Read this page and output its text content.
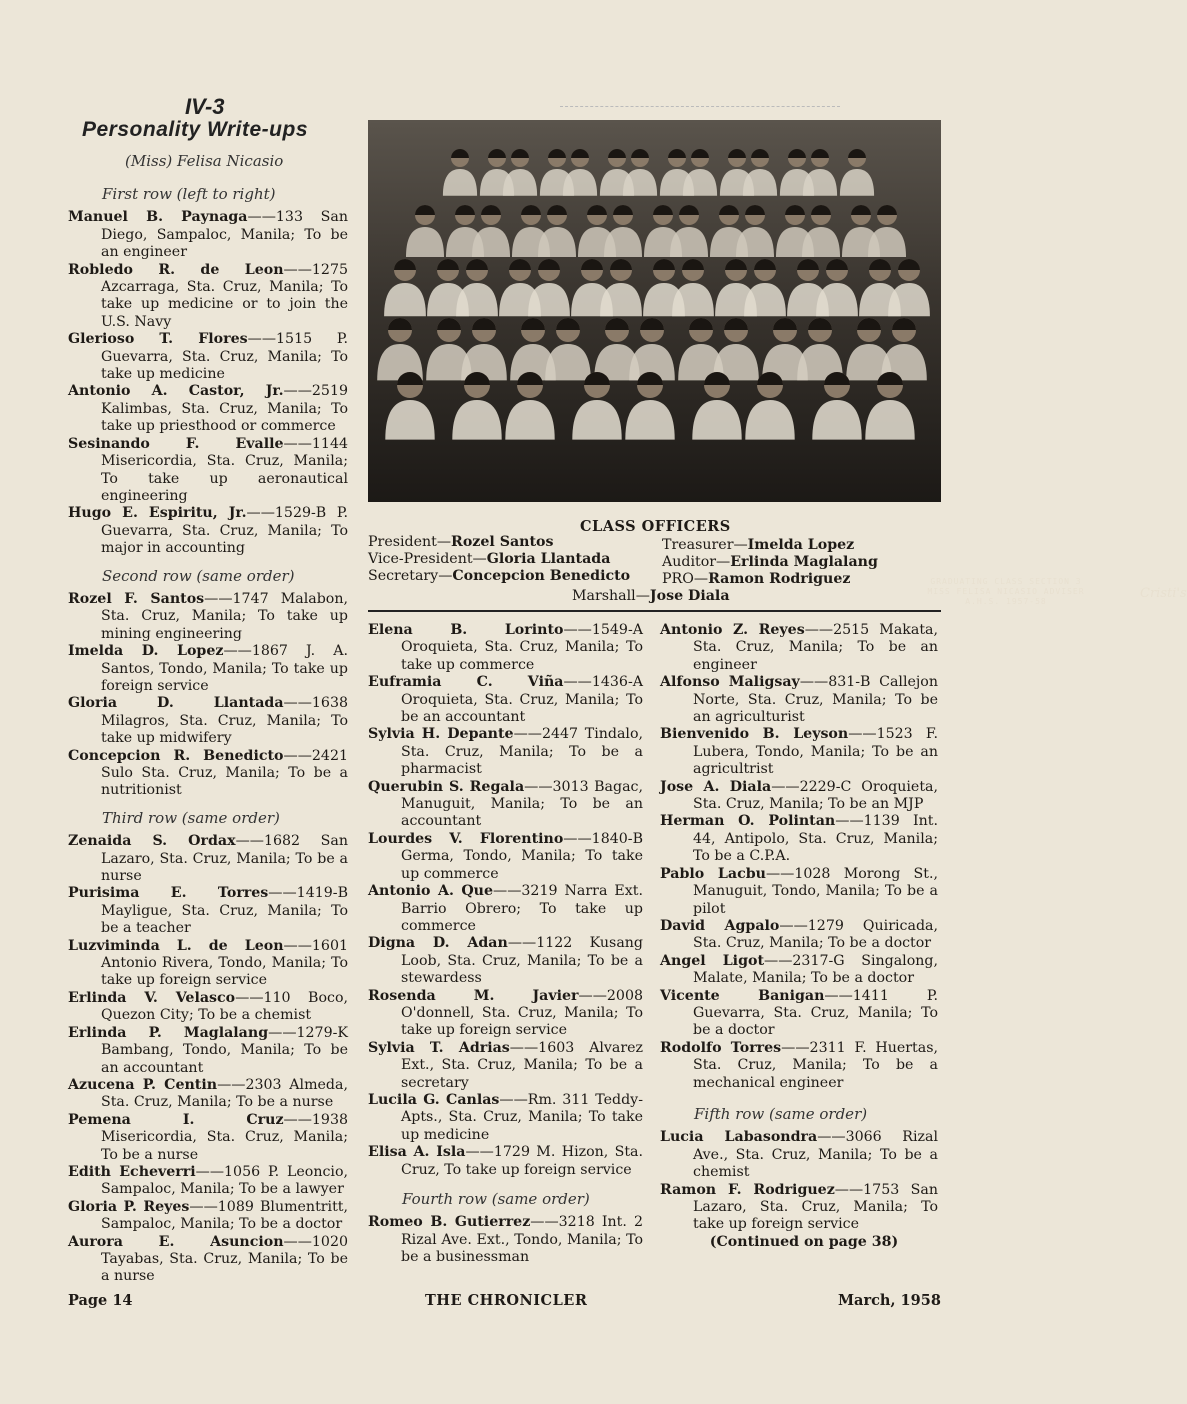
IV-3
Personality Write-ups
(Miss) Felisa Nicasio
GRADUATING CLASS SECTION 3
MISS FELISA NICASIO ADVISER
A.H.S. 1957-58
Cristi's
CLASS OFFICERS
President—Rozel Santos
Vice-President—Gloria Llantada
Secretary—Concepcion Benedicto
Treasurer—Imelda Lopez
Auditor—Erlinda Maglalang
PRO—Ramon Rodriguez
Marshall—Jose Diala
First row (left to right)
Manuel B. Paynaga——133 San Diego, Sampaloc, Manila; To be an engineer
Robledo R. de Leon——1275 Azcarraga, Sta. Cruz, Manila; To take up medicine or to join the U.S. Navy
Glerioso T. Flores——1515 P. Guevarra, Sta. Cruz, Manila; To take up medicine
Antonio A. Castor, Jr.——2519 Kalimbas, Sta. Cruz, Manila; To take up priesthood or commerce
Sesinando F. Evalle——1144 Misericordia, Sta. Cruz, Manila; To take up aeronautical engineering
Hugo E. Espiritu, Jr.——1529-B P. Guevarra, Sta. Cruz, Manila; To major in accounting
Second row (same order)
Rozel F. Santos——1747 Malabon, Sta. Cruz, Manila; To take up mining engineering
Imelda D. Lopez——1867 J. A. Santos, Tondo, Manila; To take up foreign service
Gloria D. Llantada——1638 Milagros, Sta. Cruz, Manila; To take up midwifery
Concepcion R. Benedicto——2421 Sulo Sta. Cruz, Manila; To be a nutritionist
Third row (same order)
Zenaida S. Ordax——1682 San Lazaro, Sta. Cruz, Manila; To be a nurse
Purisima E. Torres——1419-B Mayligue, Sta. Cruz, Manila; To be a teacher
Luzviminda L. de Leon——1601 Antonio Rivera, Tondo, Manila; To take up foreign service
Erlinda V. Velasco——110 Boco, Quezon City; To be a chemist
Erlinda P. Maglalang——1279-K Bambang, Tondo, Manila; To be an accountant
Azucena P. Centin——2303 Almeda, Sta. Cruz, Manila; To be a nurse
Pemena I. Cruz——1938 Misericordia, Sta. Cruz, Manila; To be a nurse
Edith Echeverri——1056 P. Leoncio, Sampaloc, Manila; To be a lawyer
Gloria P. Reyes——1089 Blumentritt, Sampaloc, Manila; To be a doctor
Aurora E. Asuncion——1020 Tayabas, Sta. Cruz, Manila; To be a nurse
Elena B. Lorinto——1549-A Oroquieta, Sta. Cruz, Manila; To take up commerce
Euframia C. Viña——1436-A Oroquieta, Sta. Cruz, Manila; To be an accountant
Sylvia H. Depante——2447 Tindalo, Sta. Cruz, Manila; To be a pharmacist
Querubin S. Regala——3013 Bagac, Manuguit, Manila; To be an accountant
Lourdes V. Florentino——1840-B Germa, Tondo, Manila; To take up commerce
Antonio A. Que——3219 Narra Ext. Barrio Obrero; To take up commerce
Digna D. Adan——1122 Kusang Loob, Sta. Cruz, Manila; To be a stewardess
Rosenda M. Javier——2008 O'donnell, Sta. Cruz, Manila; To take up foreign service
Sylvia T. Adrias——1603 Alvarez Ext., Sta. Cruz, Manila; To be a secretary
Lucila G. Canlas——Rm. 311 Teddy-Apts., Sta. Cruz, Manila; To take up medicine
Elisa A. Isla——1729 M. Hizon, Sta. Cruz, To take up foreign service
Fourth row (same order)
Romeo B. Gutierrez——3218 Int. 2 Rizal Ave. Ext., Tondo, Manila; To be a businessman
Antonio Z. Reyes——2515 Makata, Sta. Cruz, Manila; To be an engineer
Alfonso Maligsay——831-B Callejon Norte, Sta. Cruz, Manila; To be an agriculturist
Bienvenido B. Leyson——1523 F. Lubera, Tondo, Manila; To be an agricultrist
Jose A. Diala——2229-C Oroquieta, Sta. Cruz, Manila; To be an MJP
Herman O. Polintan——1139 Int. 44, Antipolo, Sta. Cruz, Manila; To be a C.P.A.
Pablo Lacbu——1028 Morong St., Manuguit, Tondo, Manila; To be a pilot
David Agpalo——1279 Quiricada, Sta. Cruz, Manila; To be a doctor
Angel Ligot——2317-G Singalong, Malate, Manila; To be a doctor
Vicente Banigan——1411 P. Guevarra, Sta. Cruz, Manila; To be a doctor
Rodolfo Torres——2311 F. Huertas, Sta. Cruz, Manila; To be a mechanical engineer
Fifth row (same order)
Lucia Labasondra——3066 Rizal Ave., Sta. Cruz, Manila; To be a chemist
Ramon F. Rodriguez——1753 San Lazaro, Sta. Cruz, Manila; To take up foreign service
(Continued on page 38)
Page 14	THE CHRONICLER	March, 1958
